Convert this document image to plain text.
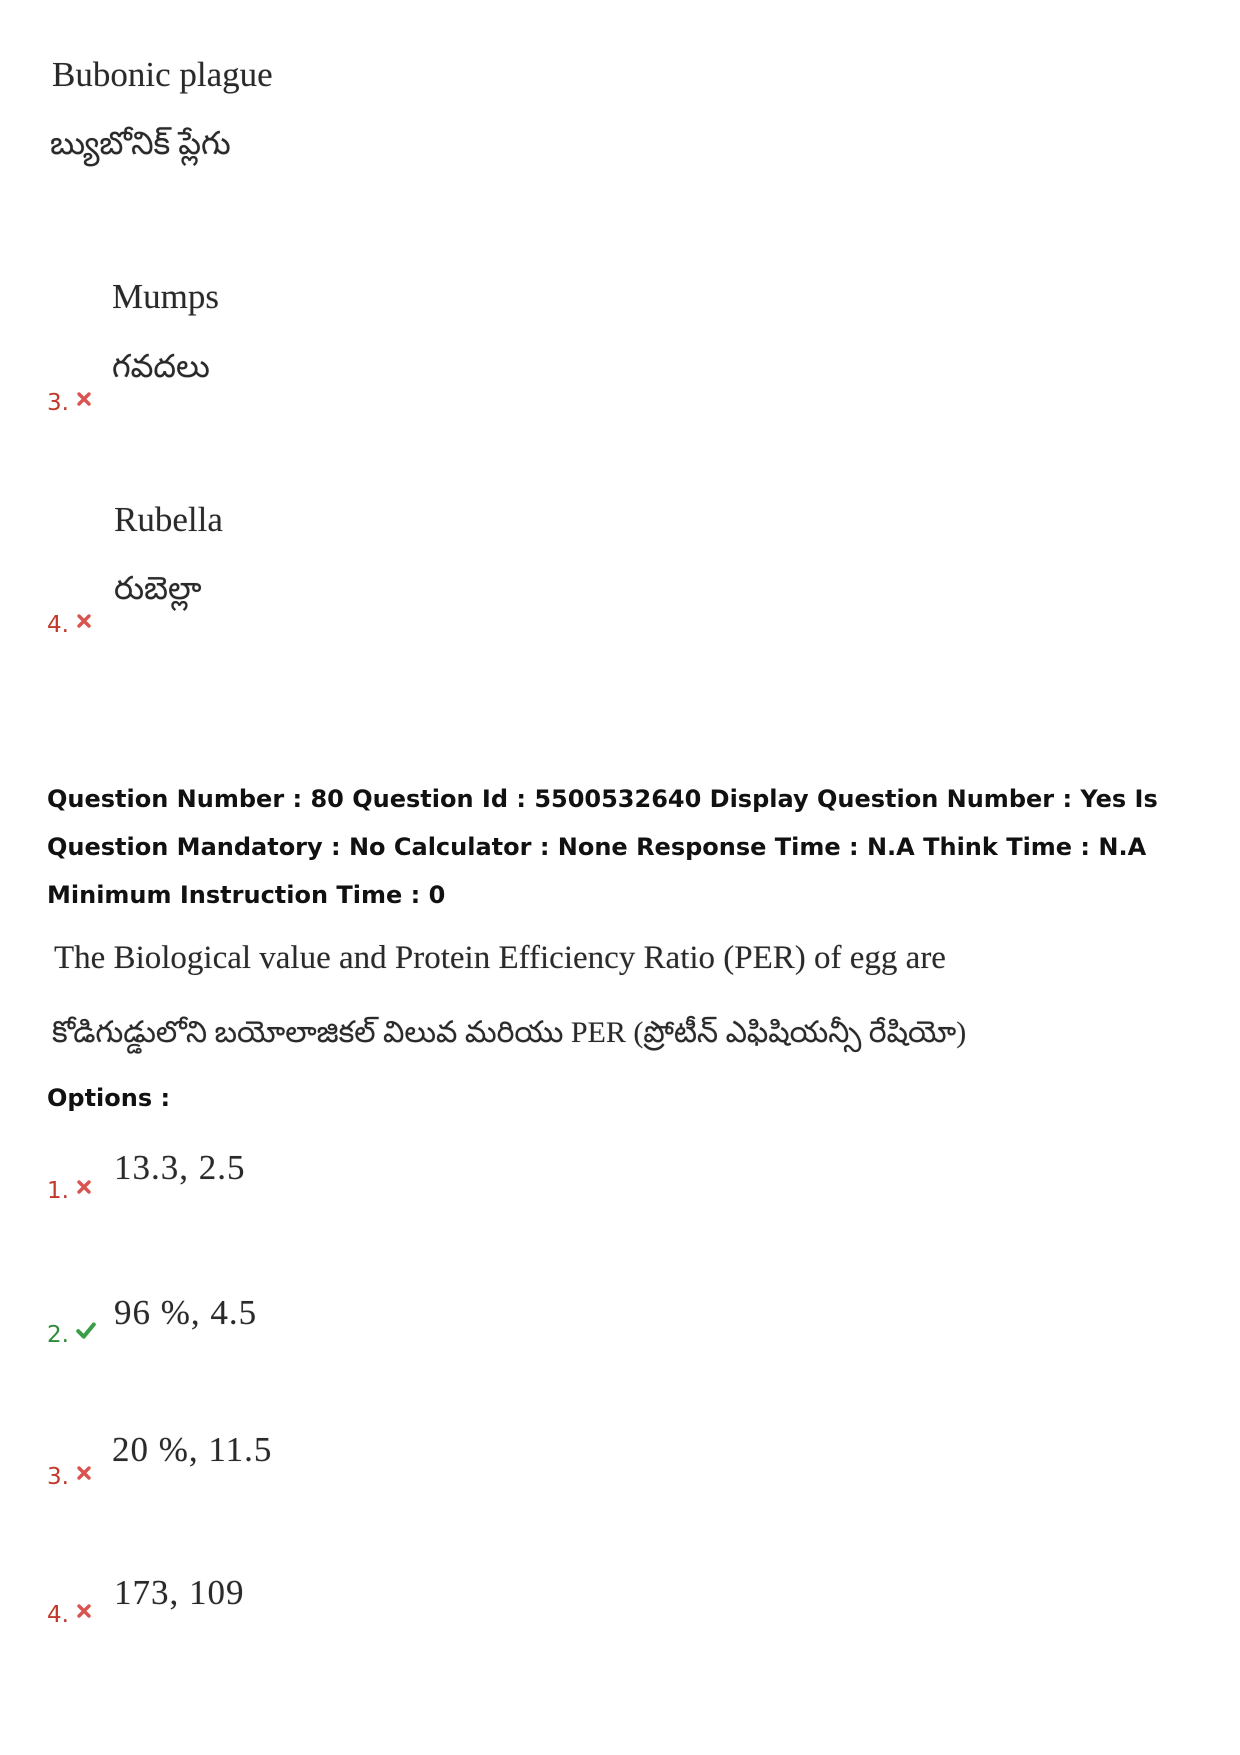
Bubonic plague
బ్యుబోనిక్ ప్లేగు
Mumps
గవదలు
3.
Rubella
రుబెల్లా
4.
Question Number : 80 Question Id : 5500532640 Display Question Number : Yes Is Question Mandatory : No Calculator : None Response Time : N.A Think Time : N.A Minimum Instruction Time : 0
The Biological value and Protein Efficiency Ratio (PER) of egg are
కోడిగుడ్డులోని బయోలాజికల్ విలువ మరియు PER (ప్రోటీన్ ఎఫిషియన్సీ రేషియో)
Options :
13.3, 2.5
1.
96 %, 4.5
2.
20 %, 11.5
3.
173, 109
4.
